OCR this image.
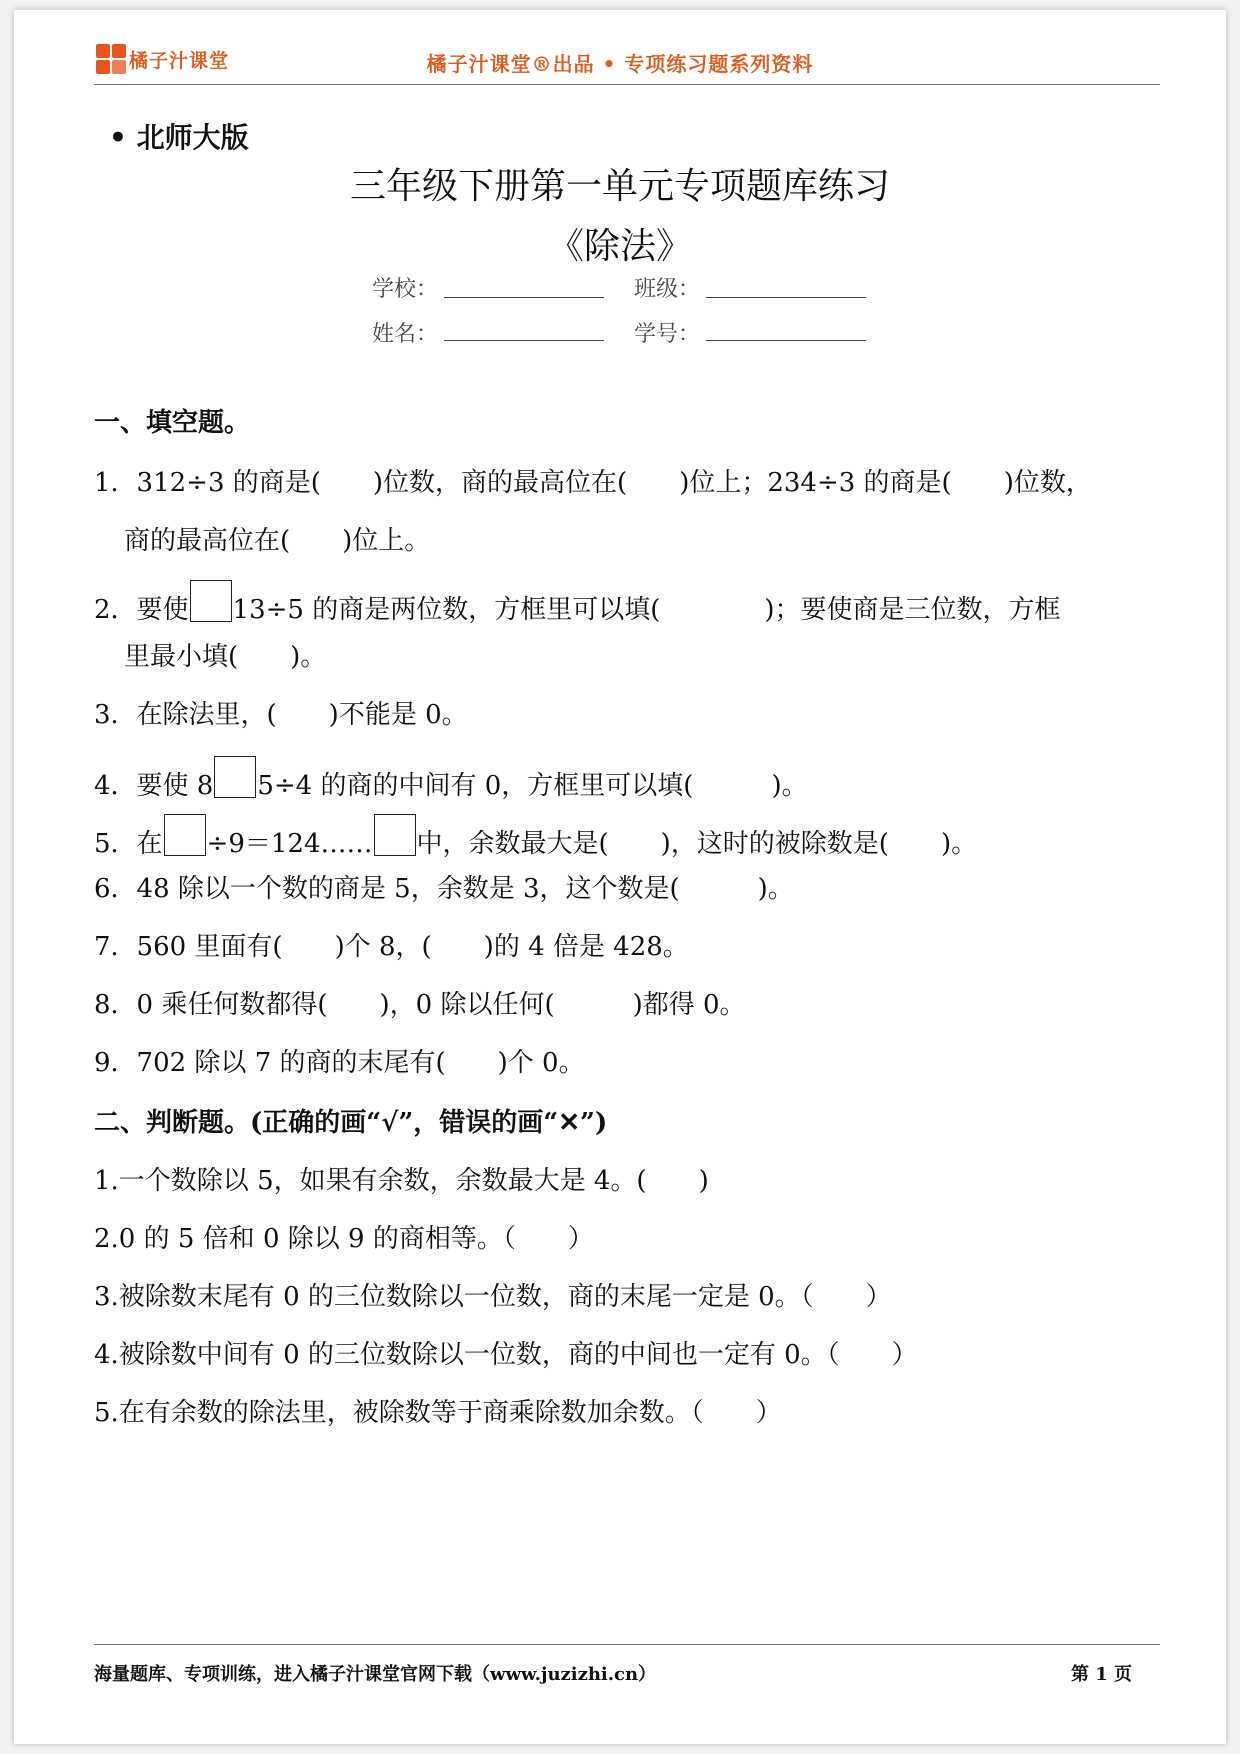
橘子汁课堂	橘子汁课堂®出品 • 专项练习题系列资料
• 北师大版
三年级下册第一单元专项题库练习
《除法》
学校：	班级：
姓名：	学号：
一、填空题。
1．312÷3 的商是(　　)位数，商的最高位在(　　)位上；234÷3 的商是(　　)位数，
商的最高位在(　　)位上。
2．要使 13÷5 的商是两位数，方框里可以填(　　　　)；要使商是三位数，方框
里最小填(　　)。
3．在除法里，(　　)不能是 0。
4．要使 8 5÷4 的商的中间有 0，方框里可以填(　　　)。
5．在 ÷9＝124…… 中，余数最大是(　　)，这时的被除数是(　　)。
6．48 除以一个数的商是 5，余数是 3，这个数是(　　　)。
7．560 里面有(　　)个 8，(　　)的 4 倍是 428。
8．0 乘任何数都得(　　)，0 除以任何(　　　)都得 0。
9．702 除以 7 的商的末尾有(　　)个 0。
二、判断题。(正确的画“√”，错误的画“✕”)
1.一个数除以 5，如果有余数，余数最大是 4。(　　)
2.0 的 5 倍和 0 除以 9 的商相等。（　　）
3.被除数末尾有 0 的三位数除以一位数，商的末尾一定是 0。（　　）
4.被除数中间有 0 的三位数除以一位数，商的中间也一定有 0。（　　）
5.在有余数的除法里，被除数等于商乘除数加余数。（　　）
海量题库、专项训练，进入橘子汁课堂官网下载（www.juzizhi.cn）	第 1 页
